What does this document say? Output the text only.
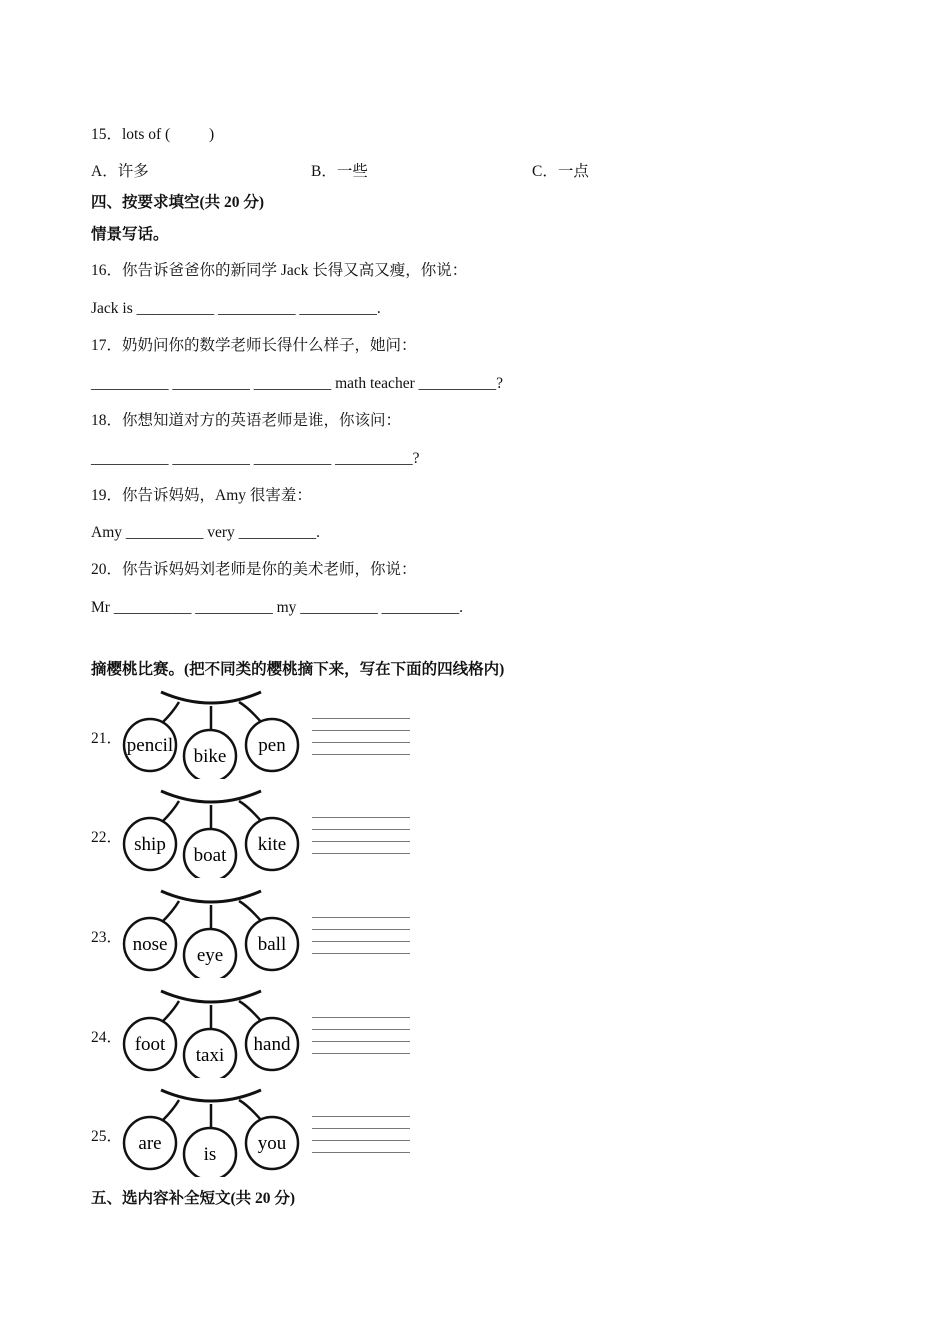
15．lots of (          )
A．许多	B．一些	C．一点
四、按要求填空(共 20 分)
情景写话。
16．你告诉爸爸你的新同学 Jack 长得又高又瘦，你说：
Jack is __________ __________ __________.
17．奶奶问你的数学老师长得什么样子，她问：
__________ __________ __________ math teacher __________?
18．你想知道对方的英语老师是谁，你该问：
__________ __________ __________ __________?
19．你告诉妈妈，Amy 很害羞：
Amy __________ very __________.
20．你告诉妈妈刘老师是你的美术老师，你说：
Mr __________ __________ my __________ __________.
摘樱桃比赛。(把不同类的樱桃摘下来，写在下面的四线格内)
21． pencil
bike
pen
22． ship
boat
kite
23． nose
eye
ball
24． foot
taxi
hand
25． are
is
you
五、选内容补全短文(共 20 分)
